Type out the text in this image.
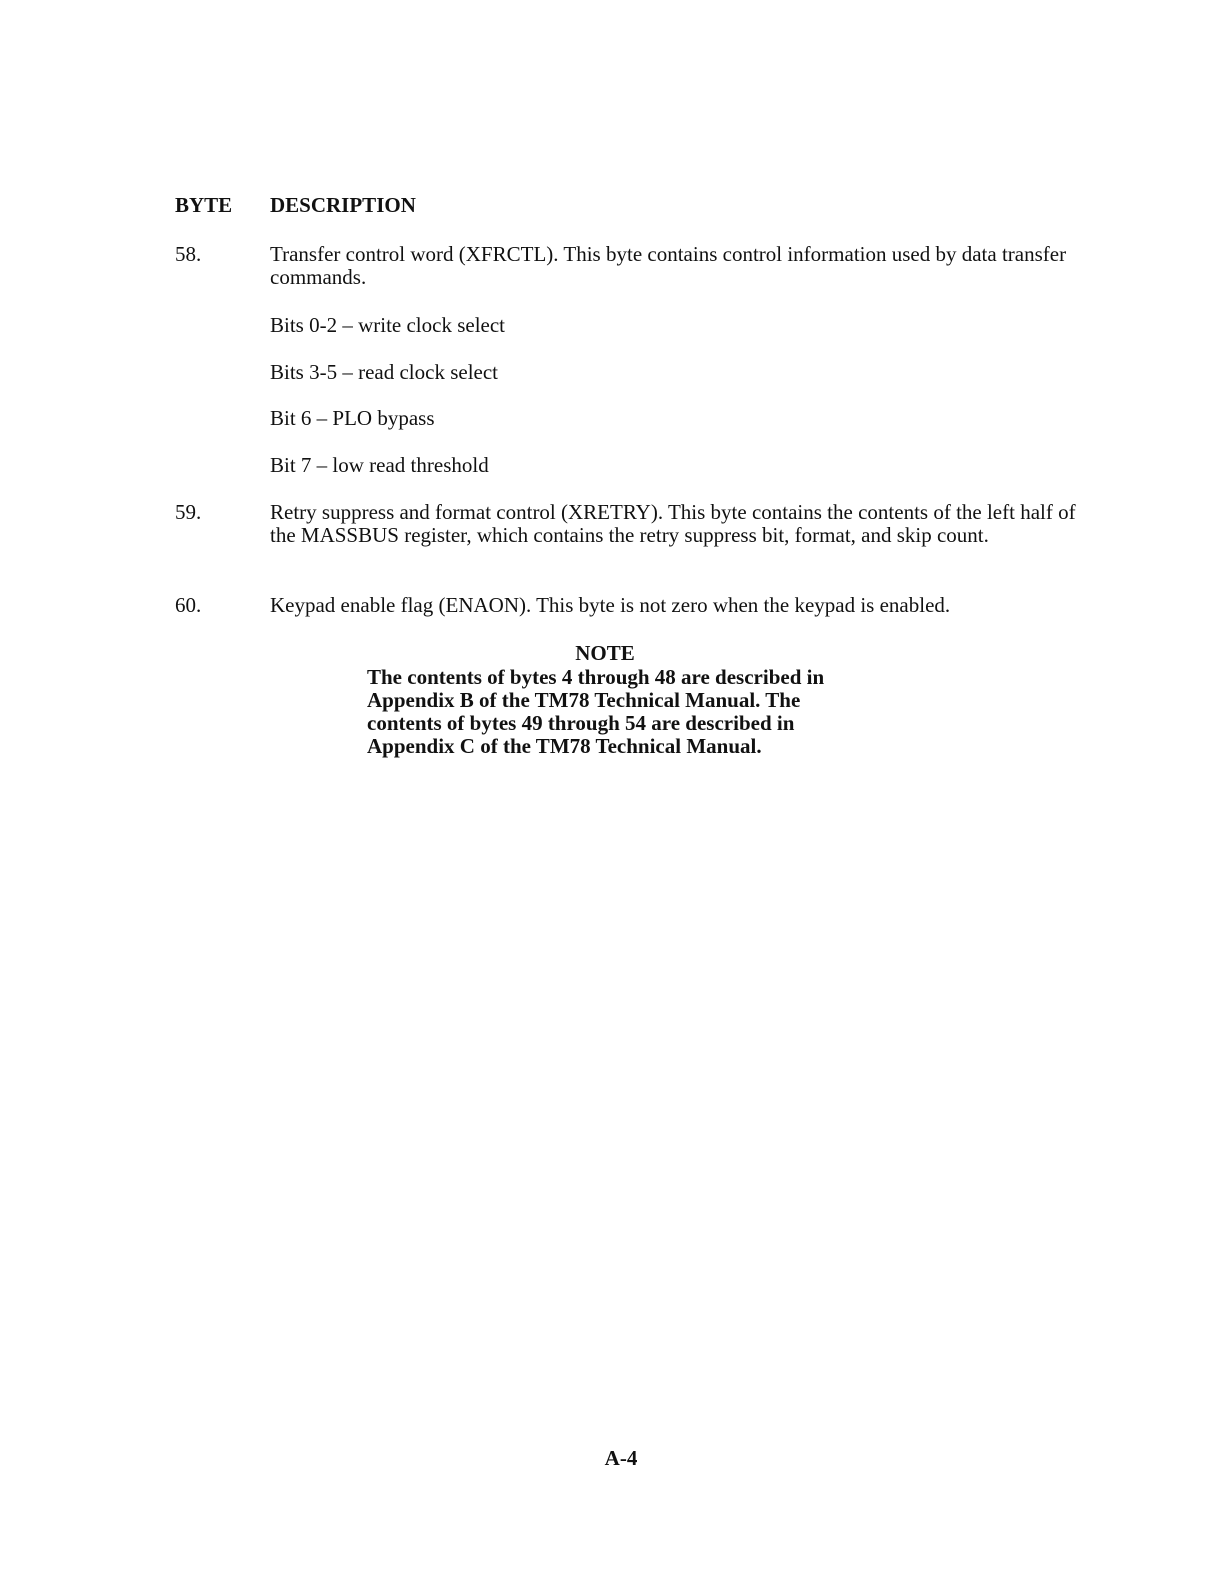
BYTE DESCRIPTION
58.	Transfer control word (XFRCTL). This byte contains control information used by data transfer commands.
Bits 0-2 – write clock select
Bits 3-5 – read clock select
Bit 6 – PLO bypass
Bit 7 – low read threshold
59.	Retry suppress and format control (XRETRY). This byte contains the contents of the left half of the MASSBUS register, which contains the retry suppress bit, format, and skip count.
60.	Keypad enable flag (ENAON). This byte is not zero when the keypad is enabled.
NOTE
The contents of bytes 4 through 48 are described in
Appendix B of the TM78 Technical Manual. The
contents of bytes 49 through 54 are described in
Appendix C of the TM78 Technical Manual.
A-4
